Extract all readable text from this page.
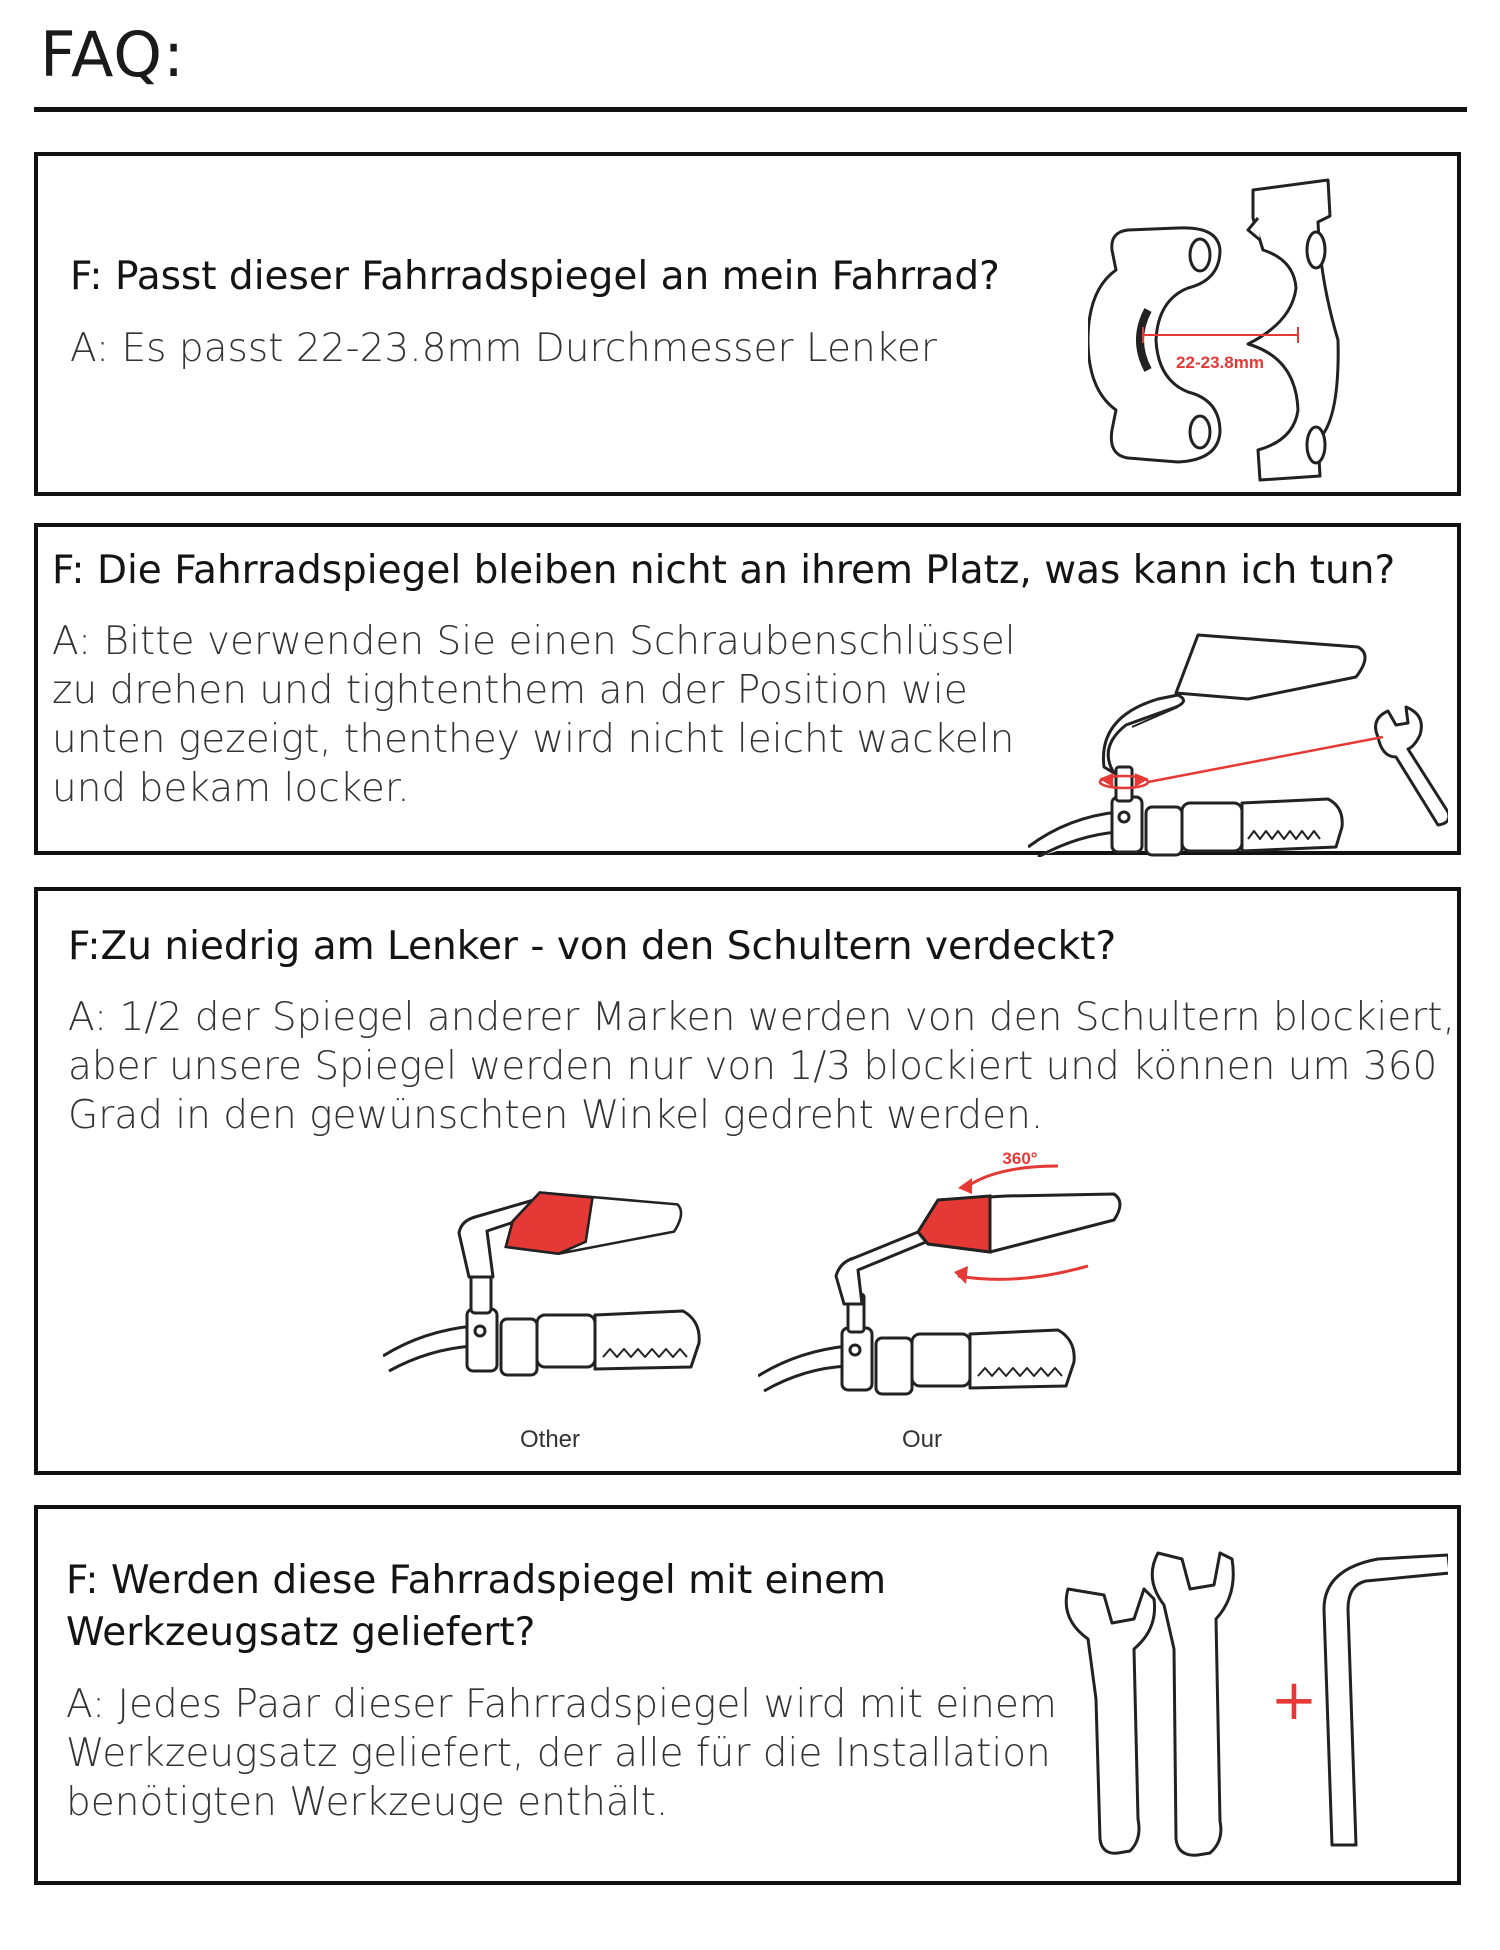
FAQ:

F: Passt dieser Fahrradspiegel an mein Fahrrad?

A: Es passt 22-23.8mm Durchmesser Lenker	22-23.8mm

F: Die Fahrradspiegel bleiben nicht an ihrem Platz, was kann ich tun?

A: Bitte verwenden Sie einen Schraubenschlüssel
zu drehen und tightenthem an der Position wie
unten gezeigt, thenthey wird nicht leicht wackeln
und bekam locker.

F:Zu niedrig am Lenker - von den Schultern verdeckt?

A: 1/2 der Spiegel anderer Marken werden von den Schultern blockiert,
aber unsere Spiegel werden nur von 1/3 blockiert und können um 360
Grad in den gewünschten Winkel gedreht werden.

Other
360°
Our

F: Werden diese Fahrradspiegel mit einem
Werkzeugsatz geliefert?

A: Jedes Paar dieser Fahrradspiegel wird mit einem
Werkzeugsatz geliefert, der alle für die Installation
benötigten Werkzeuge enthält.

+
